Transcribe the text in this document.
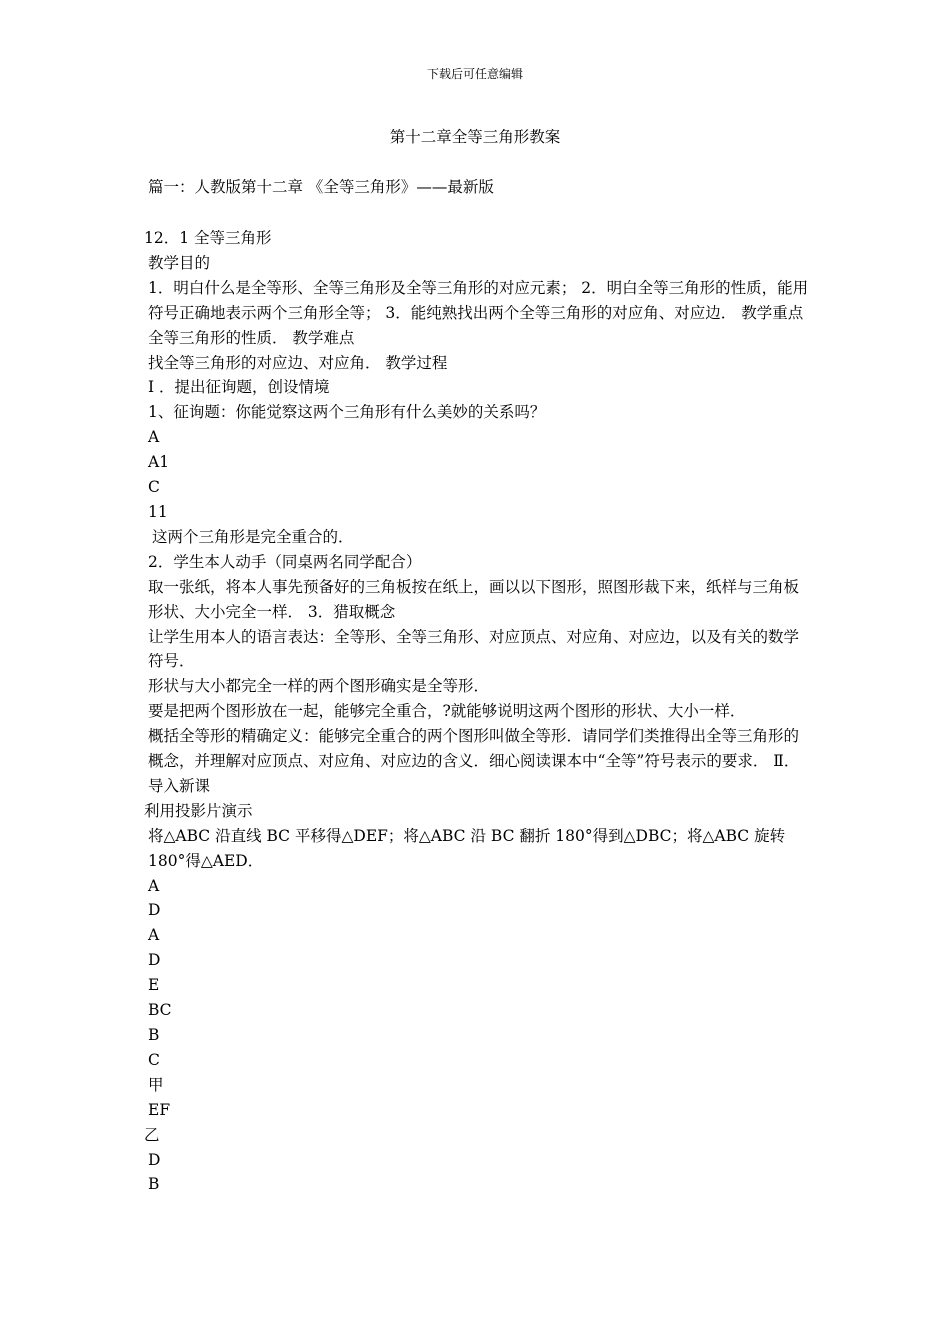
下载后可任意编辑
第十二章全等三角形教案
篇一：人教版第十二章 《全等三角形》——最新版

12．1 全等三角形

教学目的

1．明白什么是全等形、全等三角形及全等三角形的对应元素； 2．明白全等三角形的性质，能用符号正确地表示两个三角形全等； 3．能纯熟找出两个全等三角形的对应角、对应边． 教学重点

全等三角形的性质． 教学难点

找全等三角形的对应边、对应角． 教学过程

Ⅰ ．提出征询题，创设情境

1、征询题：你能觉察这两个三角形有什么美妙的关系吗？

A

A1

C

11

这两个三角形是完全重合的．

2．学生本人动手（同桌两名同学配合）

取一张纸，将本人事先预备好的三角板按在纸上，画以以下图形，照图形裁下来，纸样与三角板形状、大小完全一样． 3．猎取概念

让学生用本人的语言表达：全等形、全等三角形、对应顶点、对应角、对应边，以及有关的数学符号．

形状与大小都完全一样的两个图形确实是全等形．

要是把两个图形放在一起，能够完全重合，?就能够说明这两个图形的形状、大小一样．

概括全等形的精确定义：能够完全重合的两个图形叫做全等形．请同学们类推得出全等三角形的概念，并理解对应顶点、对应角、对应边的含义．细心阅读课本中“全等”符号表示的要求． Ⅱ．导入新课

利用投影片演示

将△ABC 沿直线 BC 平移得△DEF；将△ABC 沿 BC 翻折 180°得到△DBC；将△ABC 旋转 180°得△AED．

A

D

A

D

E

BC

B

C

甲

EF

乙

D

B
